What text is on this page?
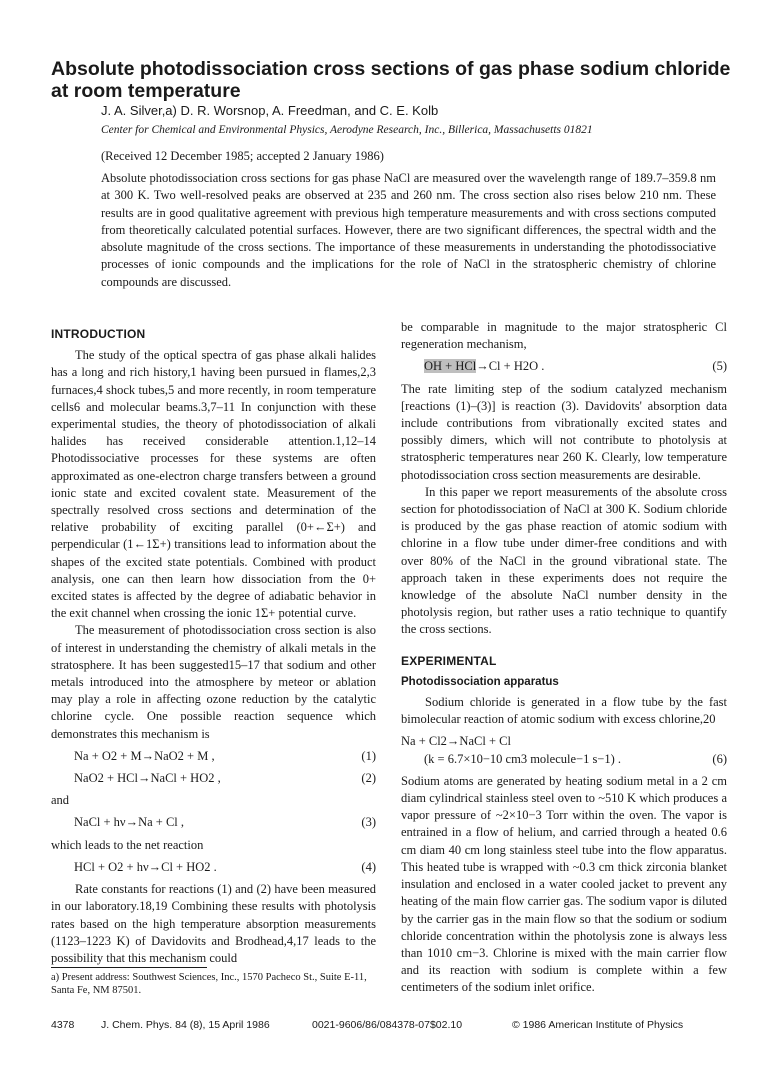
Absolute photodissociation cross sections of gas phase sodium chloride at room temperature
J. A. Silver,a) D. R. Worsnop, A. Freedman, and C. E. Kolb
Center for Chemical and Environmental Physics, Aerodyne Research, Inc., Billerica, Massachusetts 01821
(Received 12 December 1985; accepted 2 January 1986)

Absolute photodissociation cross sections for gas phase NaCl are measured over the wavelength range of 189.7–359.8 nm at 300 K. Two well-resolved peaks are observed at 235 and 260 nm. The cross section also rises below 210 nm. These results are in good qualitative agreement with previous high temperature measurements and with cross sections computed from theoretically calculated potential surfaces. However, there are two significant differences, the spectral width and the absolute magnitude of the cross sections. The importance of these measurements in understanding the photodissociative processes of ionic compounds and the implications for the role of NaCl in the stratospheric chemistry of chlorine compounds are discussed.

INTRODUCTION

The study of the optical spectra of gas phase alkali halides has a long and rich history,1 having been pursued in flames,2,3 furnaces,4 shock tubes,5 and more recently, in room temperature cells6 and molecular beams.3,7–11 In conjunction with these experimental studies, the theory of photodissociation of alkali halides has received considerable attention.1,12–14 Photodissociative processes for these systems are often approximated as one-electron charge transfers between a ground ionic state and excited covalent state. Measurement of the spectrally resolved cross sections and determination of the relative probability of exciting parallel (0+←Σ+) and perpendicular (1←1Σ+) transitions lead to information about the shapes of the excited state potentials. Combined with product analysis, one can then learn how dissociation from the 0+ excited states is affected by the degree of adiabatic behavior in the exit channel when crossing the ionic 1Σ+ potential curve.

The measurement of photodissociation cross section is also of interest in understanding the chemistry of alkali metals in the stratosphere. It has been suggested15–17 that sodium and other metals introduced into the atmosphere by meteor or ablation may play a role in affecting ozone reduction by the catalytic chlorine cycle. One possible reaction sequence which demonstrates this mechanism is

Na + O2 + M→NaO2 + M ,	(1)
NaO2 + HCl→NaCl + HO2 ,	(2)
and
NaCl + hν→Na + Cl ,	(3)
which leads to the net reaction
HCl + O2 + hν→Cl + HO2 .	(4)

Rate constants for reactions (1) and (2) have been measured in our laboratory.18,19 Combining these results with photolysis rates based on the high temperature absorption measurements (1123–1223 K) of Davidovits and Brodhead,4,17 leads to the possibility that this mechanism could

be comparable in magnitude to the major stratospheric Cl regeneration mechanism,

OH + HCl→Cl + H2O .	(5)

The rate limiting step of the sodium catalyzed mechanism [reactions (1)–(3)] is reaction (3). Davidovits' absorption data include contributions from vibrationally excited states and possibly dimers, which will not contribute to photolysis at stratospheric temperatures near 260 K. Clearly, low temperature photodissociation cross section measurements are desirable.

In this paper we report measurements of the absolute cross section for photodissociation of NaCl at 300 K. Sodium chloride is produced by the gas phase reaction of atomic sodium with chlorine in a flow tube under dimer-free conditions and with over 80% of the NaCl in the ground vibrational state. The approach taken in these experiments does not require the knowledge of the absolute NaCl number density in the photolysis region, but rather uses a ratio technique to quantify the cross sections.

EXPERIMENTAL
Photodissociation apparatus

Sodium chloride is generated in a flow tube by the fast bimolecular reaction of atomic sodium with excess chlorine,20

Na + Cl2→NaCl + Cl
(k = 6.7×10−10 cm3 molecule−1 s−1) .	(6)

Sodium atoms are generated by heating sodium metal in a 2 cm diam cylindrical stainless steel oven to ~510 K which produces a vapor pressure of ~2×10−3 Torr within the oven. The vapor is entrained in a flow of helium, and carried through a heated 0.6 cm diam 40 cm long stainless steel tube into the flow apparatus. This heated tube is wrapped with ~0.3 cm thick zirconia blanket insulation and enclosed in a water cooled jacket to prevent any heating of the main flow carrier gas. The sodium vapor is diluted by the carrier gas in the main flow so that the sodium or sodium chloride concentration within the photolysis zone is always less than 1010 cm−3. Chlorine is mixed with the main carrier flow and its reaction with sodium is complete within a few centimeters of the sodium inlet orifice.

a) Present address: Southwest Sciences, Inc., 1570 Pacheco St., Suite E-11, Santa Fe, NM 87501.
4378	J. Chem. Phys. 84 (8), 15 April 1986	0021-9606/86/084378-07$02.10	© 1986 American Institute of Physics
